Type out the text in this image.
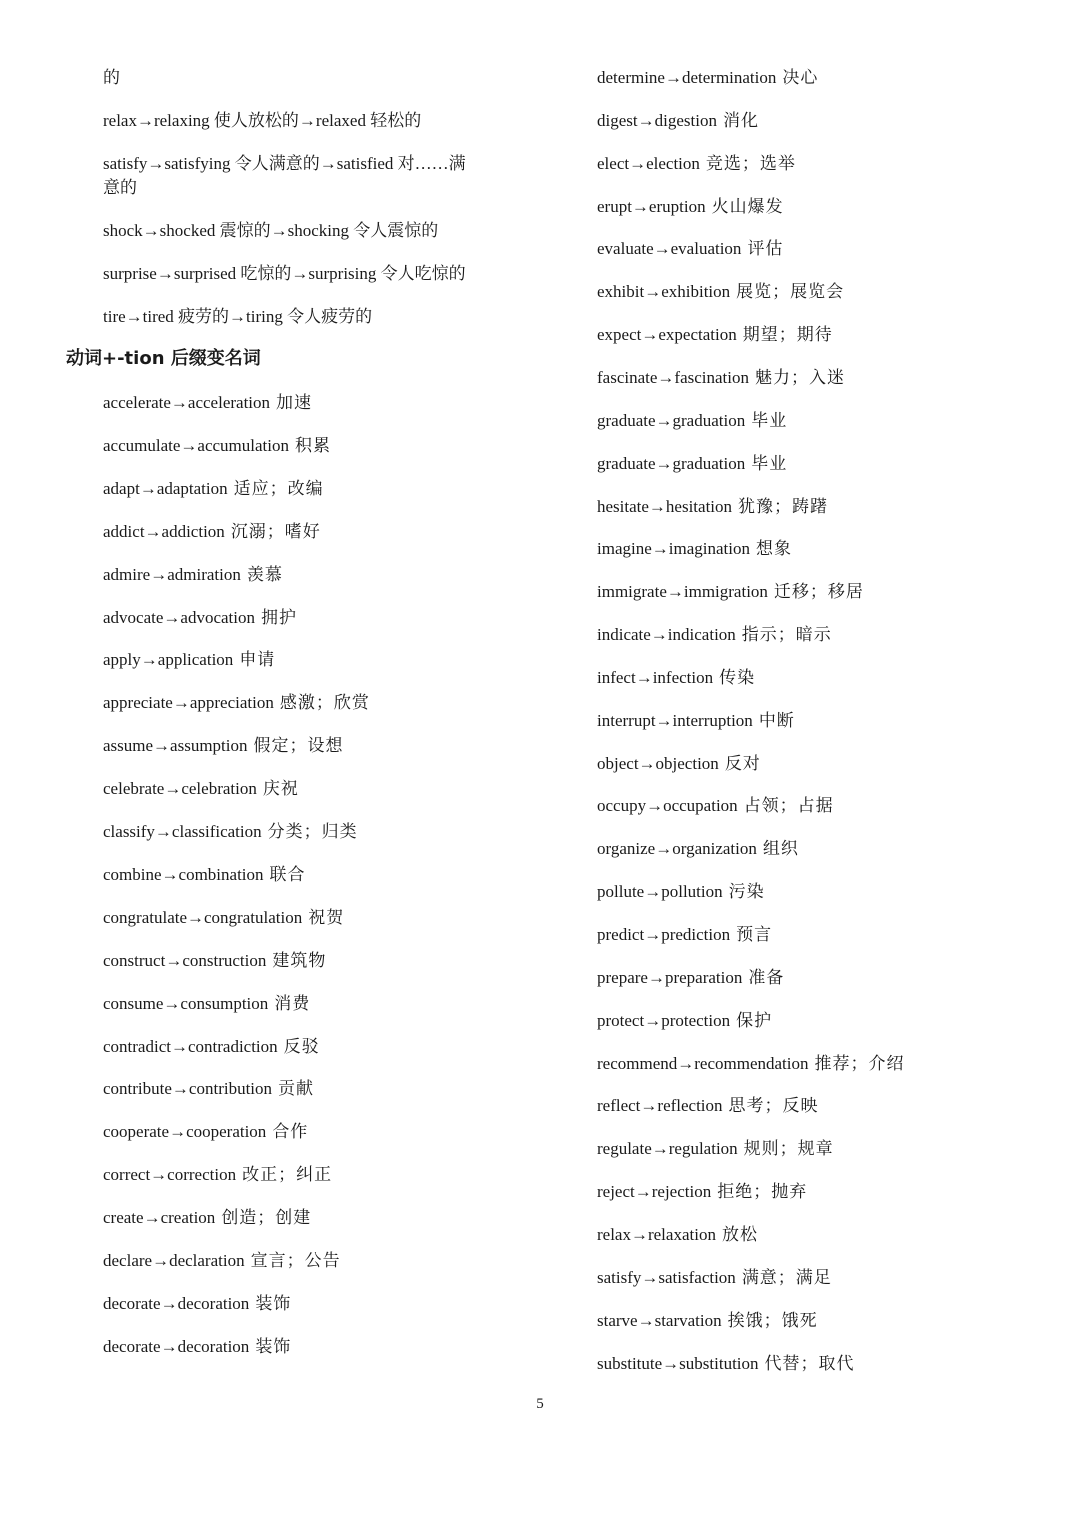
的
relax→relaxing 使人放松的→relaxed 轻松的
satisfy→satisfying 令人满意的→satisfied 对……满
意的
shock→shocked 震惊的→shocking 令人震惊的
surprise→surprised 吃惊的→surprising 令人吃惊的
tire→tired 疲劳的→tiring 令人疲劳的
动词+-tion 后缀变名词
accelerate→acceleration 加速
accumulate→accumulation 积累
adapt→adaptation 适应；改编
addict→addiction 沉溺；嗜好
admire→admiration 羡慕
advocate→advocation 拥护
apply→application 申请
appreciate→appreciation 感激；欣赏
assume→assumption 假定；设想
celebrate→celebration 庆祝
classify→classification 分类；归类
combine→combination 联合
congratulate→congratulation 祝贺
construct→construction 建筑物
consume→consumption 消费
contradict→contradiction 反驳
contribute→contribution 贡献
cooperate→cooperation 合作
correct→correction 改正；纠正
create→creation 创造；创建
declare→declaration 宣言；公告
decorate→decoration 装饰
decorate→decoration 装饰
determine→determination 决心
digest→digestion 消化
elect→election 竞选；选举
erupt→eruption 火山爆发
evaluate→evaluation 评估
exhibit→exhibition 展览；展览会
expect→expectation 期望；期待
fascinate→fascination 魅力；入迷
graduate→graduation 毕业
graduate→graduation 毕业
hesitate→hesitation 犹豫；踌躇
imagine→imagination 想象
immigrate→immigration 迁移；移居
indicate→indication 指示；暗示
infect→infection 传染
interrupt→interruption 中断
object→objection 反对
occupy→occupation 占领；占据
organize→organization 组织
pollute→pollution 污染
predict→prediction 预言
prepare→preparation 准备
protect→protection 保护
recommend→recommendation 推荐；介绍
reflect→reflection 思考；反映
regulate→regulation 规则；规章
reject→rejection 拒绝；抛弃
relax→relaxation 放松
satisfy→satisfaction 满意；满足
starve→starvation 挨饿；饿死
substitute→substitution 代替；取代
5
